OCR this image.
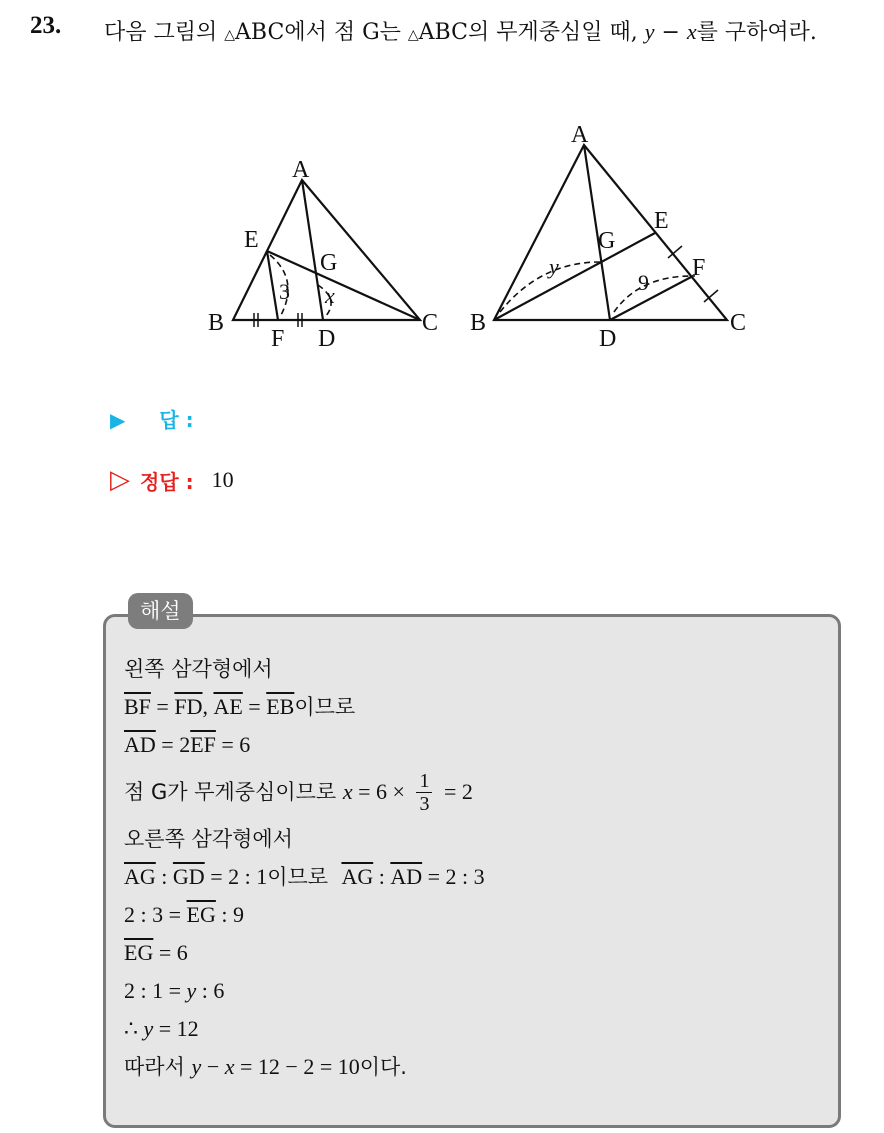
23. 다음 그림의 △ABC에서 점 G는 △ABC의 무게중심일 때, y − x를 구하여라.
A
E
G
B
F D
C
3 x
A
E
G
F
B
D
C
y
9
▶ 답 :
▷ 정답 : 10
해설
왼쪽 삼각형에서
$\overline{BF} = \overline{FD}$ , $\overline{AE} = \overline{EB}$ 이므로
$\overline{AD} = 2$ $\overline{EF} = 6$
점 G가 무게중심이므로 $x = 6 \times \frac{1}{3} = 2$
오른쪽 삼각형에서
$\overline{AG}$ : $\overline{GD} = 2$ : 1 이므로 $\overline{AG}$ : $\overline{AD} = 2$ : 3
2 : $3 = \overline{EG}$ : 9
$\overline{EG} = 6$
2 : 1 = y : 6
∴ y = 12
따라서 y − x = 12 − 2 = 10 이다.
